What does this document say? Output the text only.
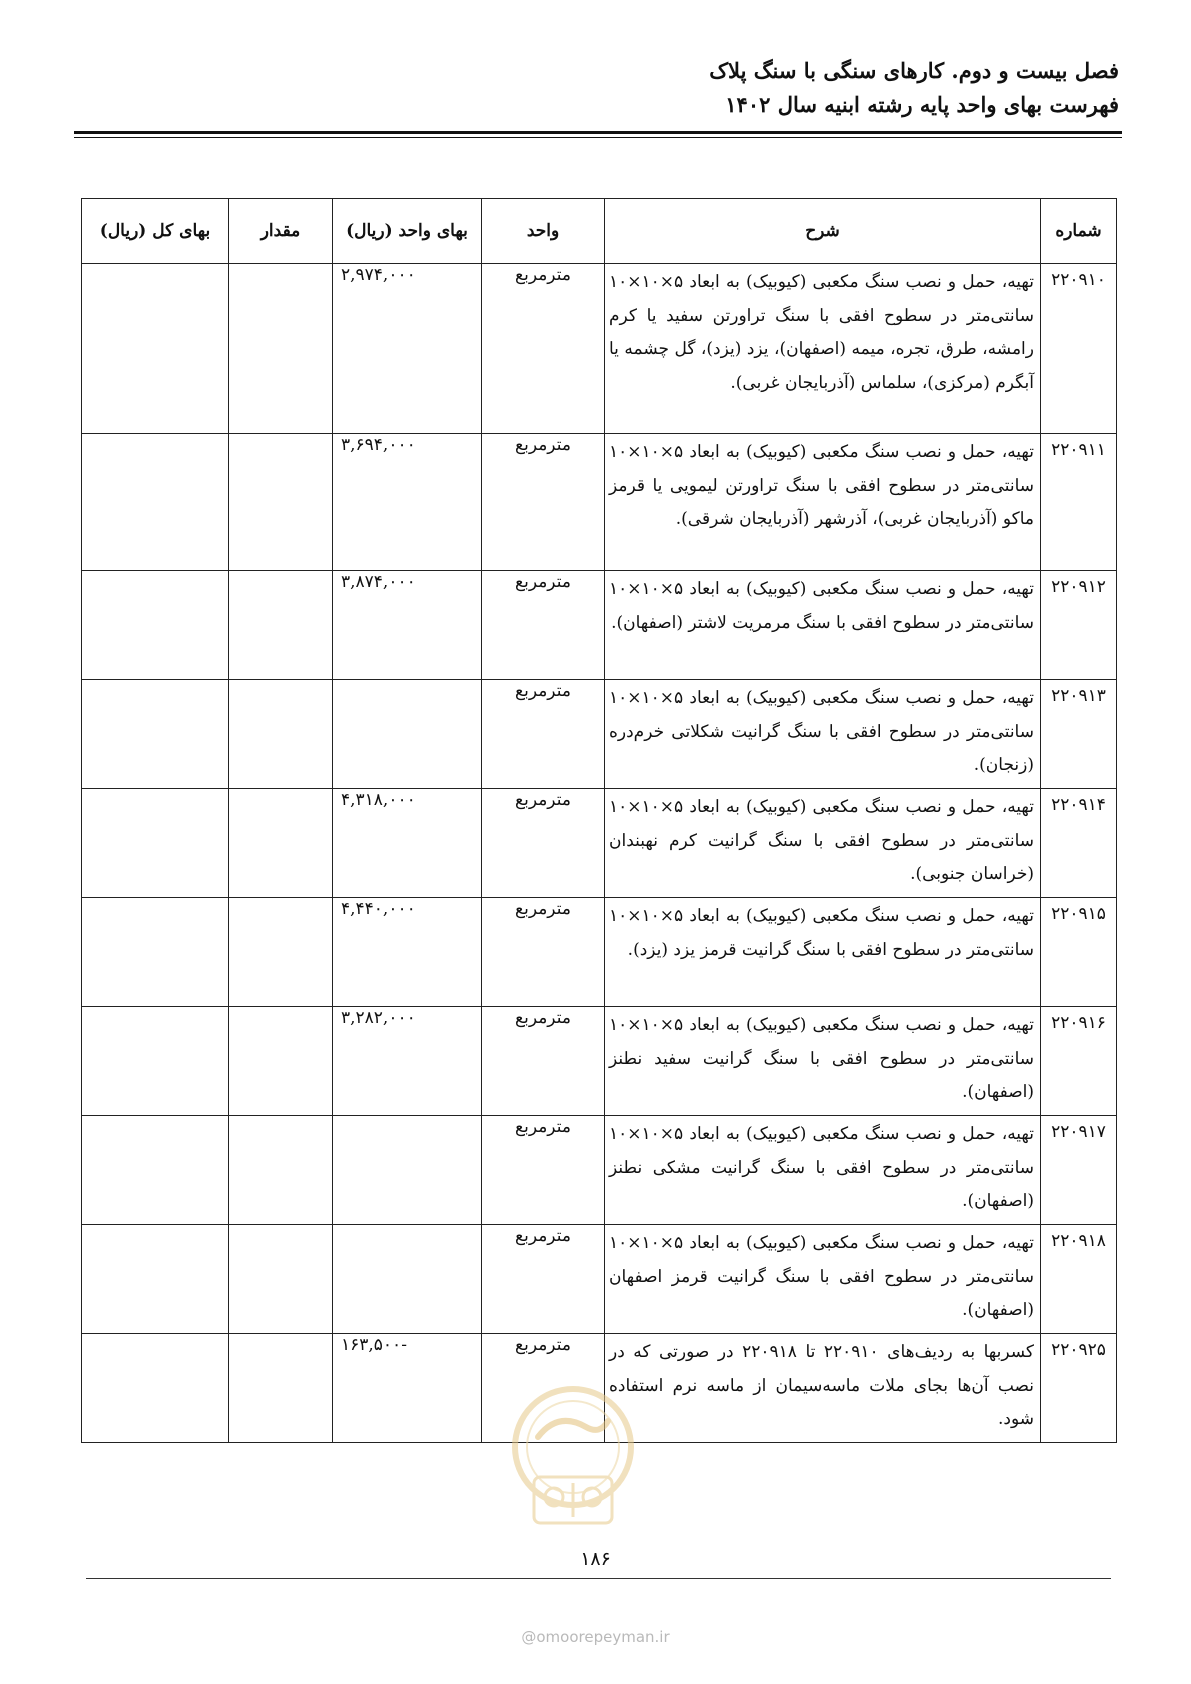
فصل بیست و دوم. کارهای سنگی با سنگ پلاک
فهرست بهای واحد پایه رشته ابنیه سال ۱۴۰۲
شماره	شرح	واحد	بهای واحد (ریال)	مقدار	بهای کل (ریال)
۲۲۰۹۱۰	تهیه، حمل و نصب سنگ مکعبی (کیوبیک) به ابعاد ۵×۱۰×۱۰ سانتی‌متر در سطوح افقی با سنگ تراورتن سفید یا کرم رامشه، طرق، تجره، میمه (اصفهان)، یزد (یزد)، گل چشمه یا آبگرم (مرکزی)، سلماس (آذربایجان غربی).	مترمربع	۲,۹۷۴,۰۰۰		
۲۲۰۹۱۱	تهیه، حمل و نصب سنگ مکعبی (کیوبیک) به ابعاد ۵×۱۰×۱۰ سانتی‌متر در سطوح افقی با سنگ تراورتن لیمویی یا قرمز ماکو (آذربایجان غربی)، آذرشهر (آذربایجان شرقی).	مترمربع	۳,۶۹۴,۰۰۰		
۲۲۰۹۱۲	تهیه، حمل و نصب سنگ مکعبی (کیوبیک) به ابعاد ۵×۱۰×۱۰ سانتی‌متر در سطوح افقی با سنگ مرمریت لاشتر (اصفهان).	مترمربع	۳,۸۷۴,۰۰۰		
۲۲۰۹۱۳	تهیه، حمل و نصب سنگ مکعبی (کیوبیک) به ابعاد ۵×۱۰×۱۰ سانتی‌متر در سطوح افقی با سنگ گرانیت شکلاتی خرم‌دره (زنجان).	مترمربع			
۲۲۰۹۱۴	تهیه، حمل و نصب سنگ مکعبی (کیوبیک) به ابعاد ۵×۱۰×۱۰ سانتی‌متر در سطوح افقی با سنگ گرانیت کرم نهبندان (خراسان جنوبی).	مترمربع	۴,۳۱۸,۰۰۰		
۲۲۰۹۱۵	تهیه، حمل و نصب سنگ مکعبی (کیوبیک) به ابعاد ۵×۱۰×۱۰ سانتی‌متر در سطوح افقی با سنگ گرانیت قرمز یزد (یزد).	مترمربع	۴,۴۴۰,۰۰۰		
۲۲۰۹۱۶	تهیه، حمل و نصب سنگ مکعبی (کیوبیک) به ابعاد ۵×۱۰×۱۰ سانتی‌متر در سطوح افقی با سنگ گرانیت سفید نطنز (اصفهان).	مترمربع	۳,۲۸۲,۰۰۰		
۲۲۰۹۱۷	تهیه، حمل و نصب سنگ مکعبی (کیوبیک) به ابعاد ۵×۱۰×۱۰ سانتی‌متر در سطوح افقی با سنگ گرانیت مشکی نطنز (اصفهان).	مترمربع			
۲۲۰۹۱۸	تهیه، حمل و نصب سنگ مکعبی (کیوبیک) به ابعاد ۵×۱۰×۱۰ سانتی‌متر در سطوح افقی با سنگ گرانیت قرمز اصفهان (اصفهان).	مترمربع			
۲۲۰۹۲۵	کسربها به ردیف‌های ۲۲۰۹۱۰ تا ۲۲۰۹۱۸ در صورتی که در نصب آن‌ها بجای ملات ماسه‌سیمان از ماسه نرم استفاده شود.	مترمربع	-۱۶۳,۵۰۰		
۱۸۶
@omoorepeyman.ir
